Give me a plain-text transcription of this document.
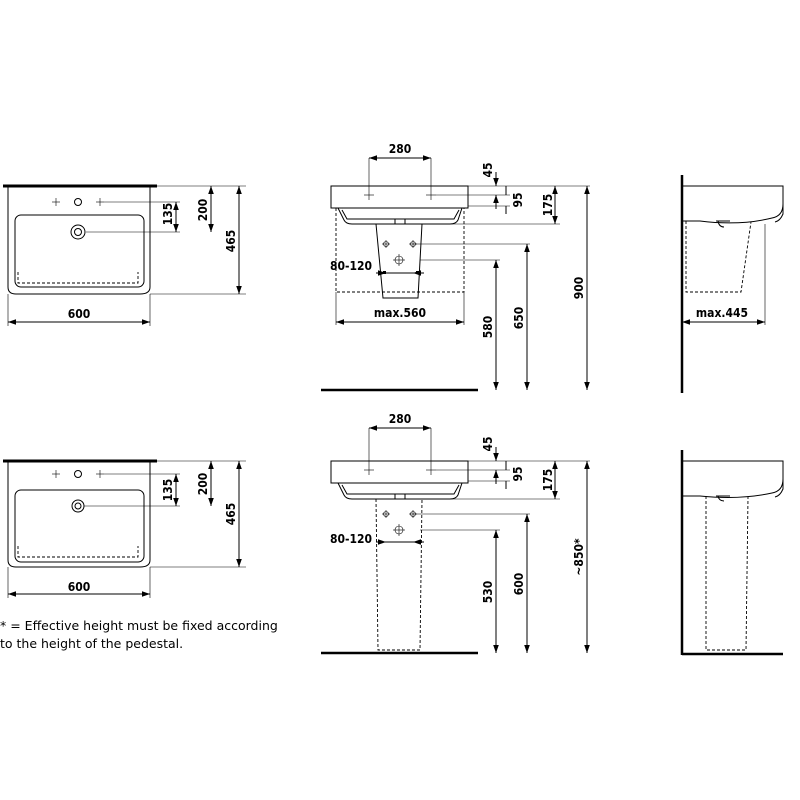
135 200
465
600
135 200
465
600
280
45
95 175
80-120
max.560
580 650
900
280
45
95 175
80-120
530 600
~850*
max.445
* = Effective height must be fixed according
to the height of the pedestal.
